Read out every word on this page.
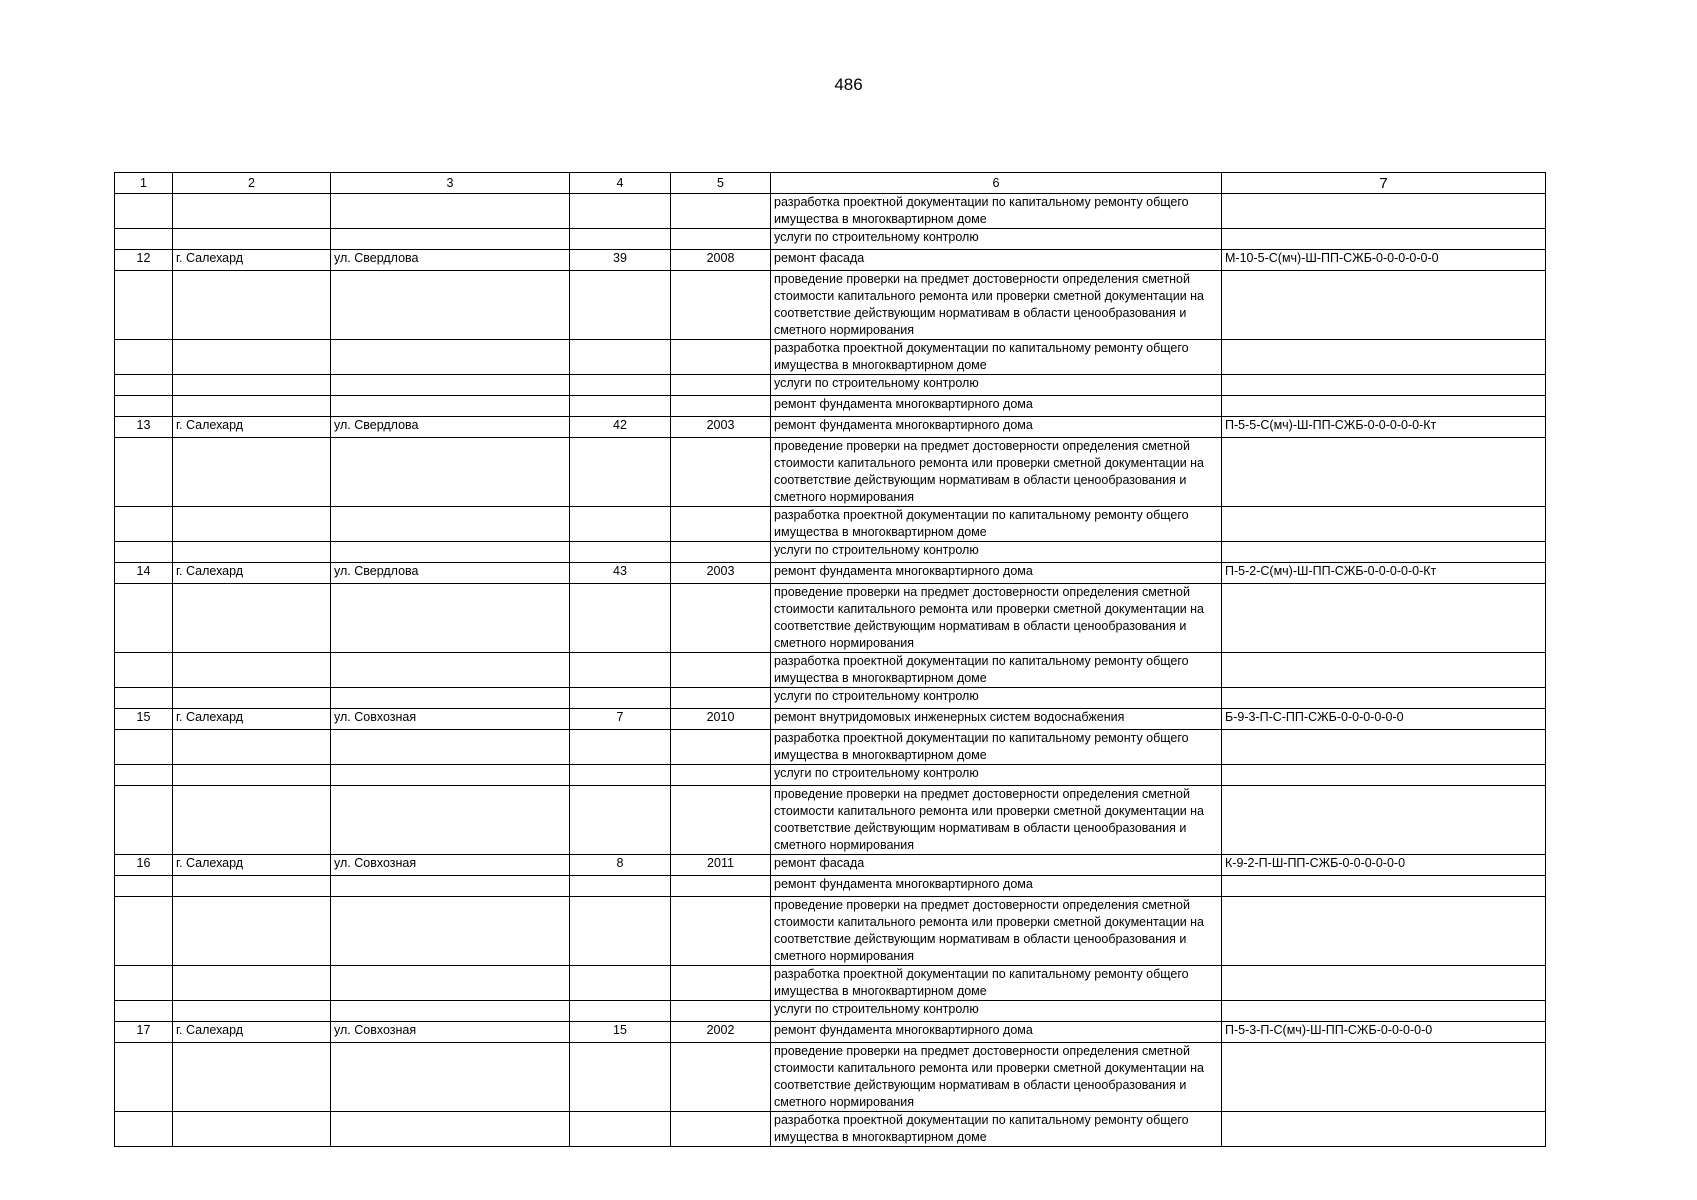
486
1	2	3	4	5	6	7
					разработка проектной документации по капитальному ремонту общего имущества в многоквартирном доме	
					услуги по строительному контролю	
12	г. Салехард	ул. Свердлова	39	2008	ремонт фасада	М-10-5-С(мч)-Ш-ПП-СЖБ-0-0-0-0-0-0
					проведение проверки на предмет достоверности определения сметной стоимости капитального ремонта или проверки сметной документации на соответствие действующим нормативам в области ценообразования и сметного нормирования	
					разработка проектной документации по капитальному ремонту общего имущества в многоквартирном доме	
					услуги по строительному контролю	
					ремонт фундамента многоквартирного дома	
13	г. Салехард	ул. Свердлова	42	2003	ремонт фундамента многоквартирного дома	П-5-5-С(мч)-Ш-ПП-СЖБ-0-0-0-0-0-Кт
					проведение проверки на предмет достоверности определения сметной стоимости капитального ремонта или проверки сметной документации на соответствие действующим нормативам в области ценообразования и сметного нормирования	
					разработка проектной документации по капитальному ремонту общего имущества в многоквартирном доме	
					услуги по строительному контролю	
14	г. Салехард	ул. Свердлова	43	2003	ремонт фундамента многоквартирного дома	П-5-2-С(мч)-Ш-ПП-СЖБ-0-0-0-0-0-Кт
					проведение проверки на предмет достоверности определения сметной стоимости капитального ремонта или проверки сметной документации на соответствие действующим нормативам в области ценообразования и сметного нормирования	
					разработка проектной документации по капитальному ремонту общего имущества в многоквартирном доме	
					услуги по строительному контролю	
15	г. Салехард	ул. Совхозная	7	2010	ремонт внутридомовых инженерных систем водоснабжения	Б-9-3-П-С-ПП-СЖБ-0-0-0-0-0-0
					разработка проектной документации по капитальному ремонту общего имущества в многоквартирном доме	
					услуги по строительному контролю	
					проведение проверки на предмет достоверности определения сметной стоимости капитального ремонта или проверки сметной документации на соответствие действующим нормативам в области ценообразования и сметного нормирования	
16	г. Салехард	ул. Совхозная	8	2011	ремонт фасада	К-9-2-П-Ш-ПП-СЖБ-0-0-0-0-0-0
					ремонт фундамента многоквартирного дома	
					проведение проверки на предмет достоверности определения сметной стоимости капитального ремонта или проверки сметной документации на соответствие действующим нормативам в области ценообразования и сметного нормирования	
					разработка проектной документации по капитальному ремонту общего имущества в многоквартирном доме	
					услуги по строительному контролю	
17	г. Салехард	ул. Совхозная	15	2002	ремонт фундамента многоквартирного дома	П-5-3-П-С(мч)-Ш-ПП-СЖБ-0-0-0-0-0
					проведение проверки на предмет достоверности определения сметной стоимости капитального ремонта или проверки сметной документации на соответствие действующим нормативам в области ценообразования и сметного нормирования	
					разработка проектной документации по капитальному ремонту общего имущества в многоквартирном доме	
